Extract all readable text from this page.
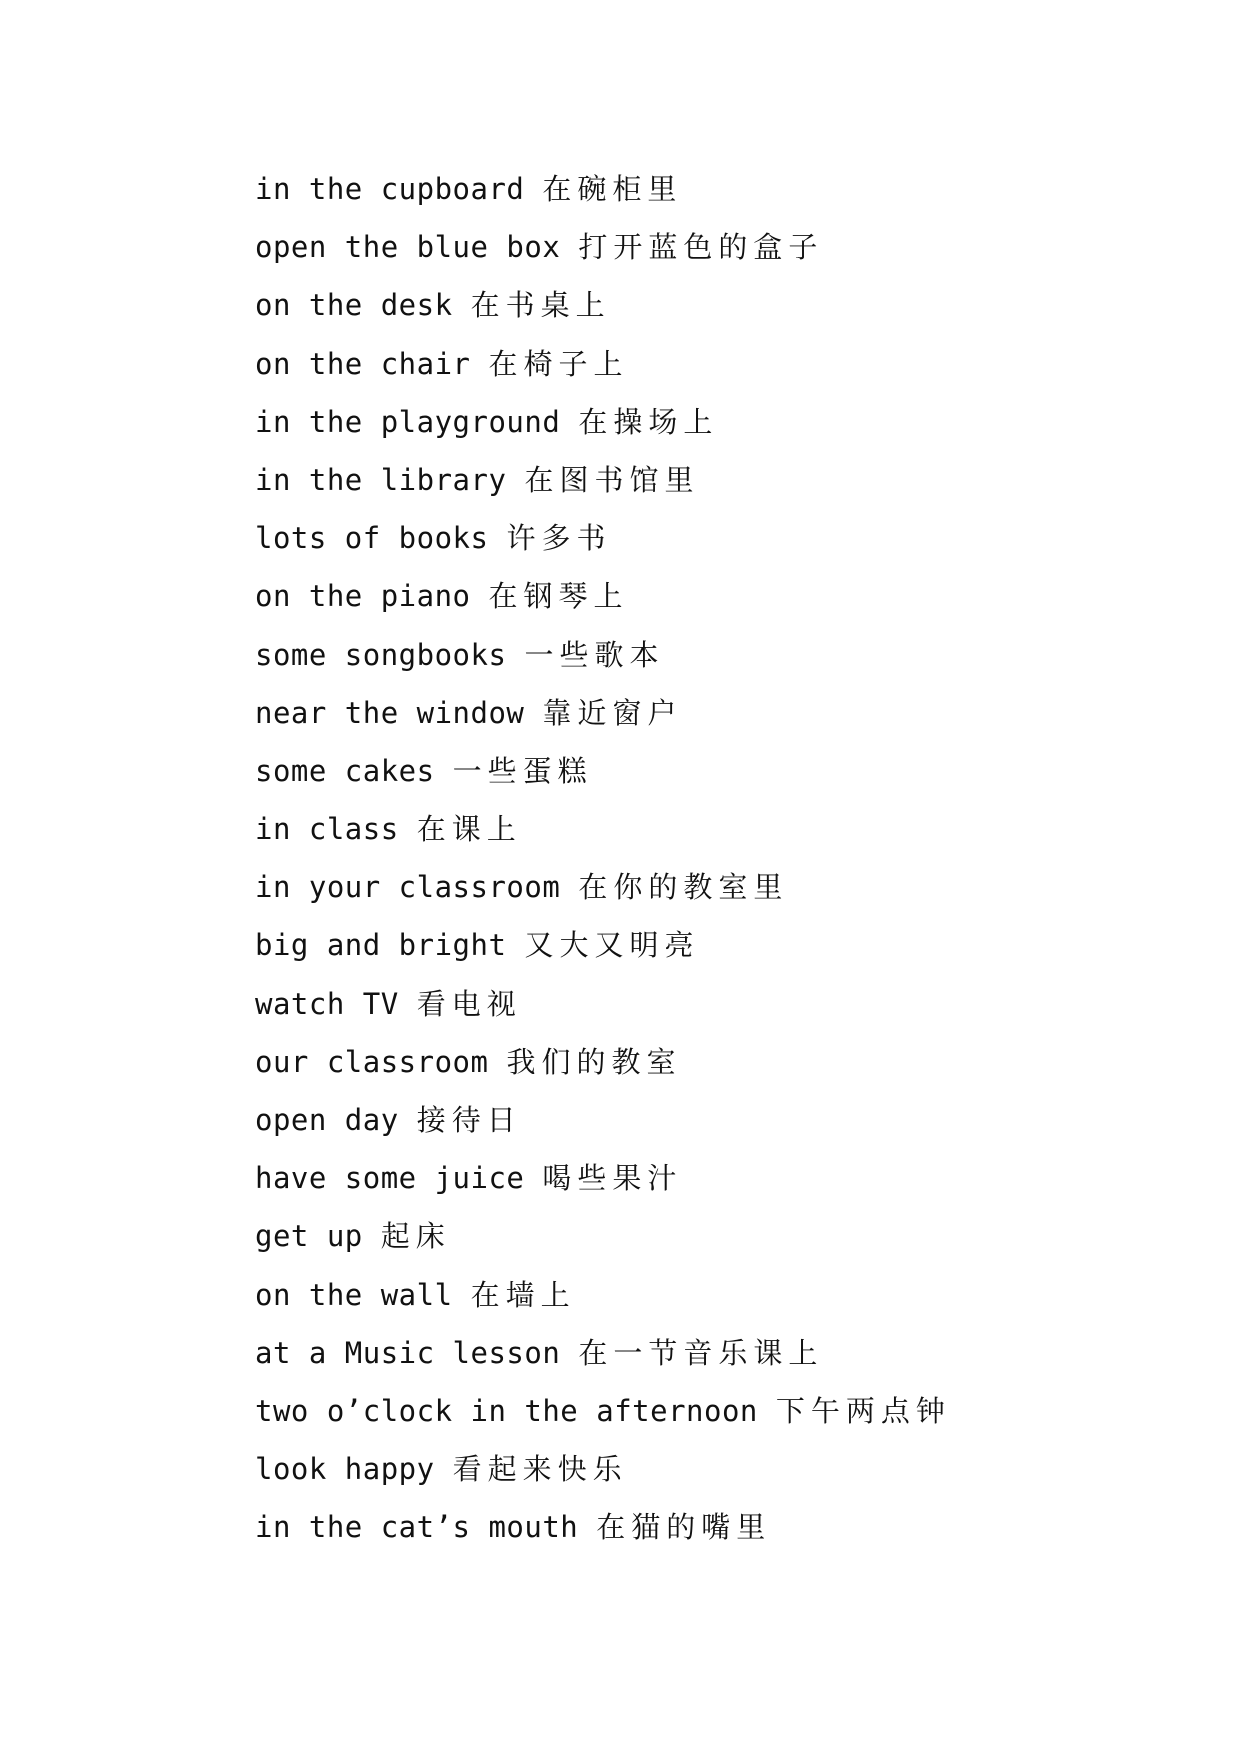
in the cupboard 在碗柜里
open the blue box 打开蓝色的盒子
on the desk 在书桌上
on the chair 在椅子上
in the playground 在操场上
in the library 在图书馆里
lots of books 许多书
on the piano 在钢琴上
some songbooks 一些歌本
near the window 靠近窗户
some cakes 一些蛋糕
in class 在课上
in your classroom 在你的教室里
big and bright 又大又明亮
watch TV 看电视
our classroom 我们的教室
open day 接待日
have some juice 喝些果汁
get up 起床
on the wall 在墙上
at a Music lesson 在一节音乐课上
two o’clock in the afternoon 下午两点钟
look happy 看起来快乐
in the cat’s mouth 在猫的嘴里
